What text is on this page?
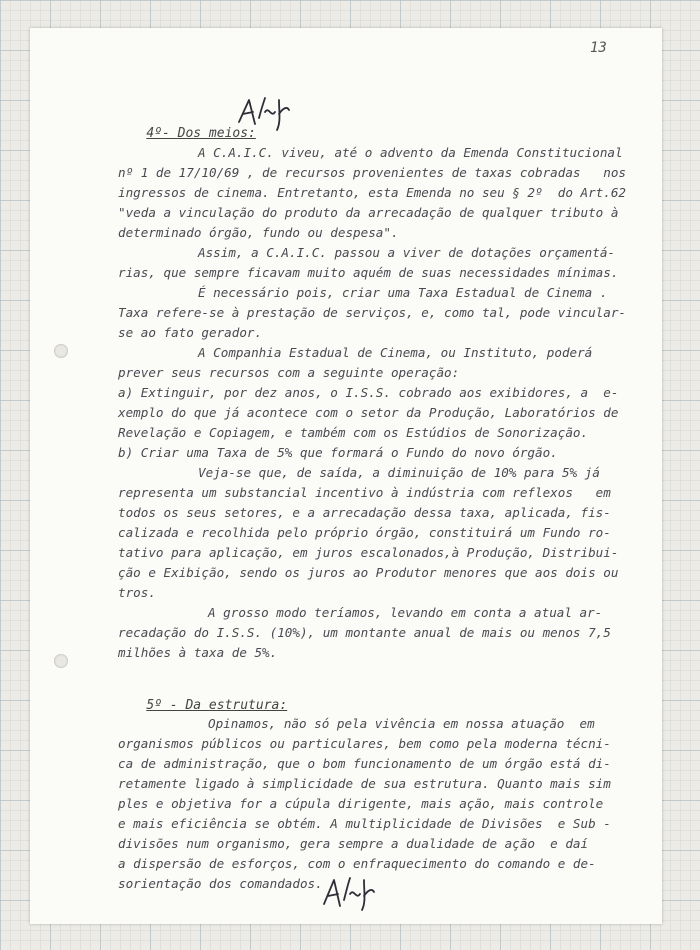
13

4º- Dos meios:

A C.A.I.C. viveu, até o advento da Emenda Constitucional
nº 1 de 17/10/69 , de recursos provenientes de taxas cobradas   nos
ingressos de cinema. Entretanto, esta Emenda no seu § 2º  do Art.62
"veda a vinculação do produto da arrecadação de qualquer tributo à
determinado órgão, fundo ou despesa".
Assim, a C.A.I.C. passou a viver de dotações orçamentá-
rias, que sempre ficavam muito aquém de suas necessidades mínimas.
É necessário pois, criar uma Taxa Estadual de Cinema .
Taxa refere-se à prestação de serviços, e, como tal, pode vincular-
se ao fato gerador.
A Companhia Estadual de Cinema, ou Instituto, poderá
prever seus recursos com a seguinte operação:
a) Extinguir, por dez anos, o I.S.S. cobrado aos exibidores, a  e-
xemplo do que já acontece com o setor da Produção, Laboratórios de
Revelação e Copiagem, e também com os Estúdios de Sonorização.
b) Criar uma Taxa de 5% que formará o Fundo do novo órgão.
Veja-se que, de saída, a diminuição de 10% para 5% já
representa um substancial incentivo à indústria com reflexos   em
todos os seus setores, e a arrecadação dessa taxa, aplicada, fis-
calizada e recolhida pelo próprio órgão, constituirá um Fundo ro-
tativo para aplicação, em juros escalonados,à Produção, Distribui-
ção e Exibição, sendo os juros ao Produtor menores que aos dois ou
tros.
A grosso modo teríamos, levando em conta a atual ar-
recadação do I.S.S. (10%), um montante anual de mais ou menos 7,5
milhões à taxa de 5%.

5º - Da estrutura:

Opinamos, não só pela vivência em nossa atuação  em
organismos públicos ou particulares, bem como pela moderna técni-
ca de administração, que o bom funcionamento de um órgão está di-
retamente ligado à simplicidade de sua estrutura. Quanto mais sim
ples e objetiva for a cúpula dirigente, mais ação, mais controle
e mais eficiência se obtém. A multiplicidade de Divisões  e Sub -
divisões num organismo, gera sempre a dualidade de ação  e daí
a dispersão de esforços, com o enfraquecimento do comando e de-
sorientação dos comandados.
